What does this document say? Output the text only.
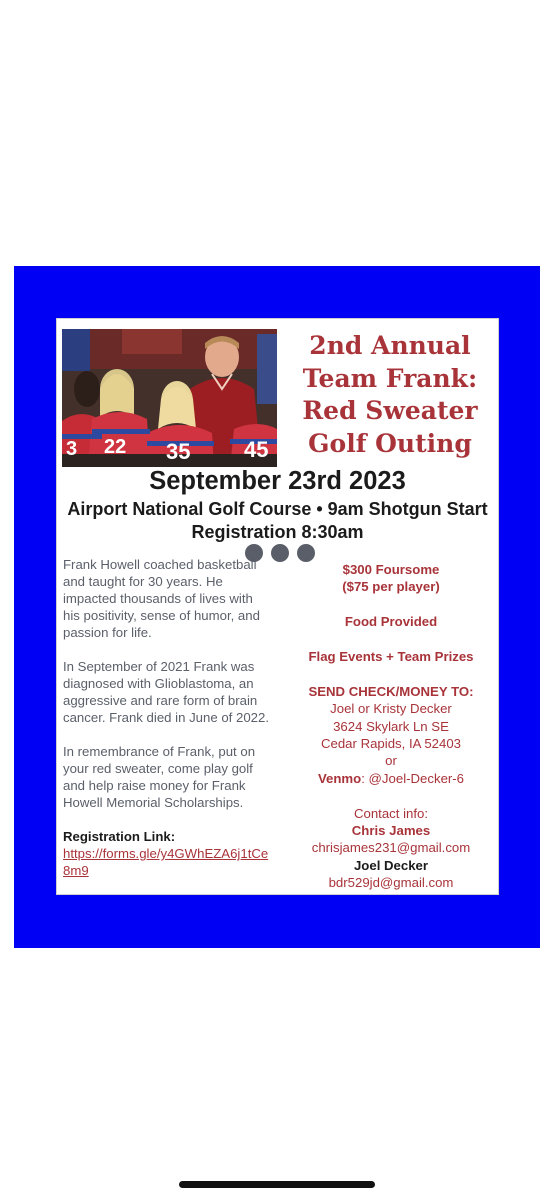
3 22 35 45
2nd Annual
Team Frank:
Red Sweater
Golf Outing
September 23rd 2023
Airport National Golf Course • 9am Shotgun Start
Registration 8:30am

Frank Howell coached basketball and taught for 30 years. He impacted thousands of lives with his positivity, sense of humor, and passion for life.

In September of 2021 Frank was diagnosed with Glioblastoma, an aggressive and rare form of brain cancer. Frank died in June of 2022.

In remembrance of Frank, put on your red sweater, come play golf and help raise money for Frank Howell Memorial Scholarships.

Registration Link:
https://forms.gle/y4GWhEZA6j1tCe8m9
$300 Foursome
($75 per player)
Food Provided
Flag Events + Team Prizes
SEND CHECK/MONEY TO:
Joel or Kristy Decker
3624 Skylark Ln SE
Cedar Rapids, IA 52403
or
Venmo: @Joel-Decker-6
Contact info:
Chris James
chrisjames231@gmail.com
Joel Decker
bdr529jd@gmail.com
